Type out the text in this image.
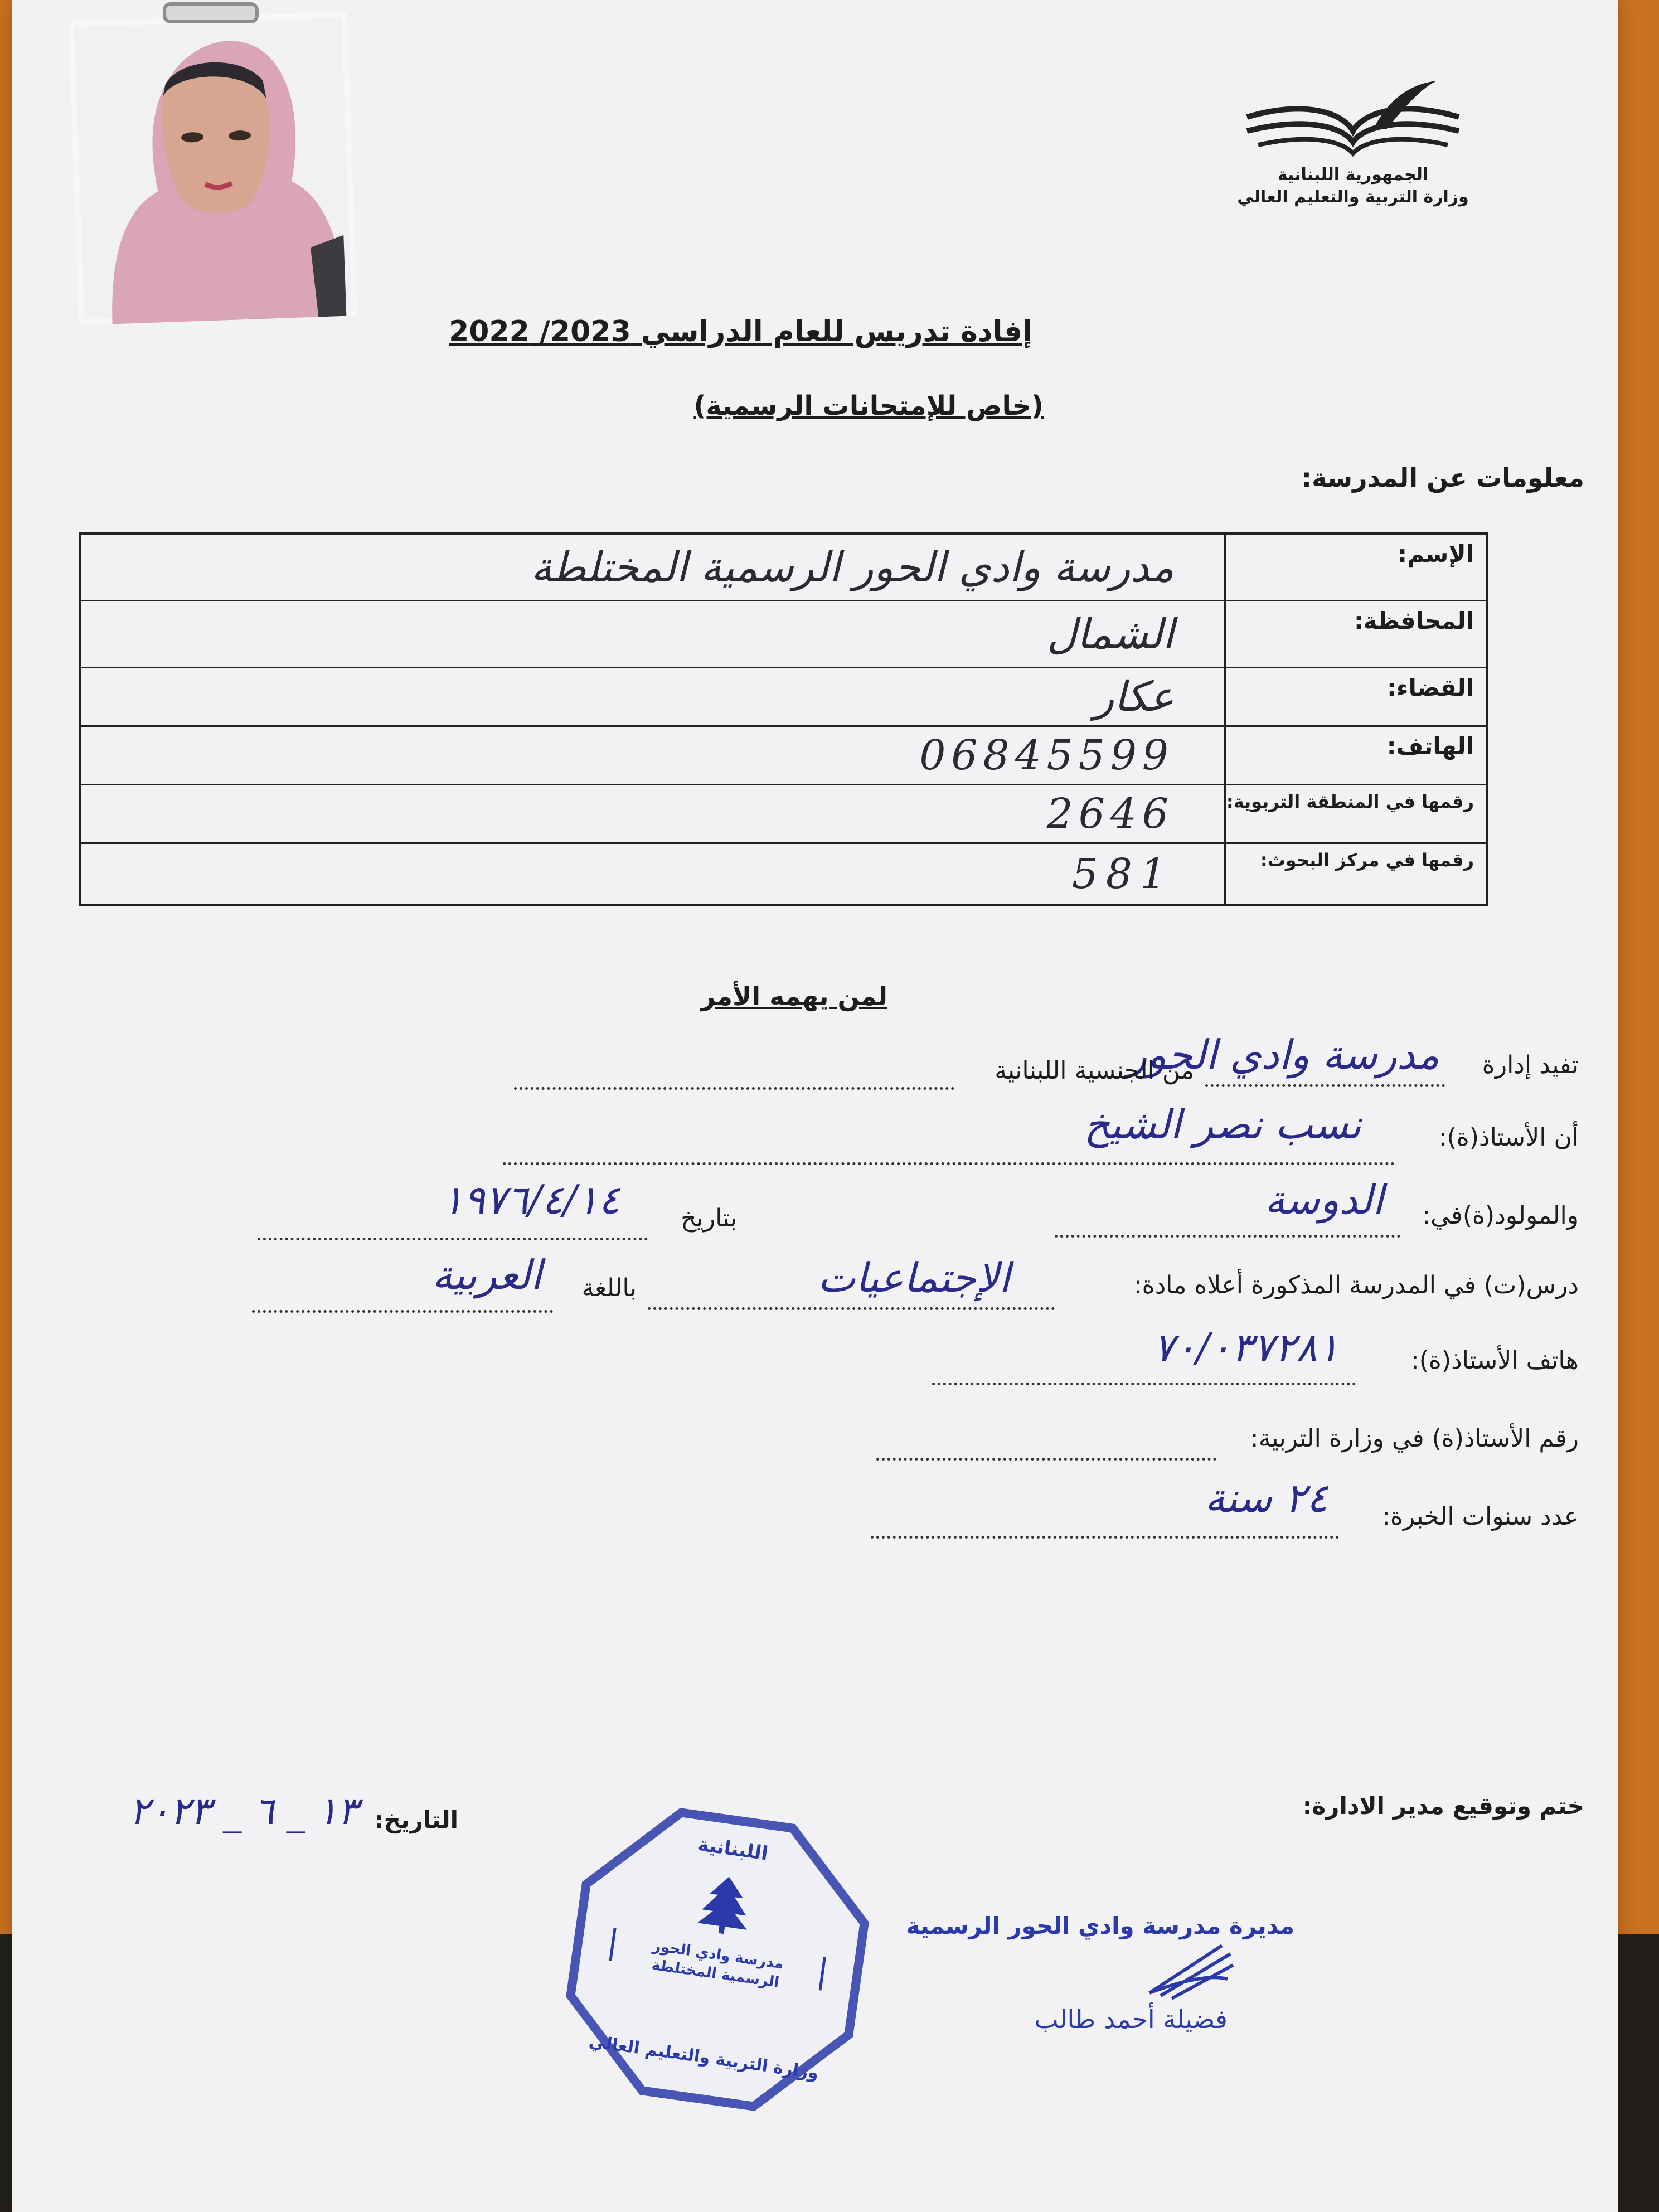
الجمهورية اللبنانية
وزارة التربية والتعليم العالي
إفادة تدريس للعام الدراسي 2023/ 2022
(خاص للإمتحانات الرسمية)
معلومات عن المدرسة:
الإسم:
مدرسة وادي الحور الرسمية المختلطة
المحافظة:
الشمال
القضاء:
عكار
الهاتف:
06845599
رقمها في المنطقة التربوية:
2646
رقمها في مركز البحوث:
581
لمن يهمه الأمر
تفيد إدارة
مدرسة وادي الحور
من الجنسية اللبنانية
أن الأستاذ(ة):
نسب نصر الشيخ
والمولود(ة)في:
الدوسة
بتاريخ
١٩٧٦/٤/١٤
درس(ت) في المدرسة المذكورة أعلاه مادة:
الإجتماعيات
باللغة
العربية
هاتف الأستاذ(ة):
٧٠/٠٣٧٢٨١
رقم الأستاذ(ة) في وزارة التربية:
عدد سنوات الخبرة:
٢٤ سنة
ختم وتوقيع مدير الادارة:
التاريخ:
١٣ _ ٦ _ ٢٠٢٣
مديرة مدرسة وادي الحور الرسمية
فضيلة أحمد طالب
اللبنانية
مدرسة وادي الحور الرسمية المختلطة
وزارة التربية والتعليم العالي
|
|
